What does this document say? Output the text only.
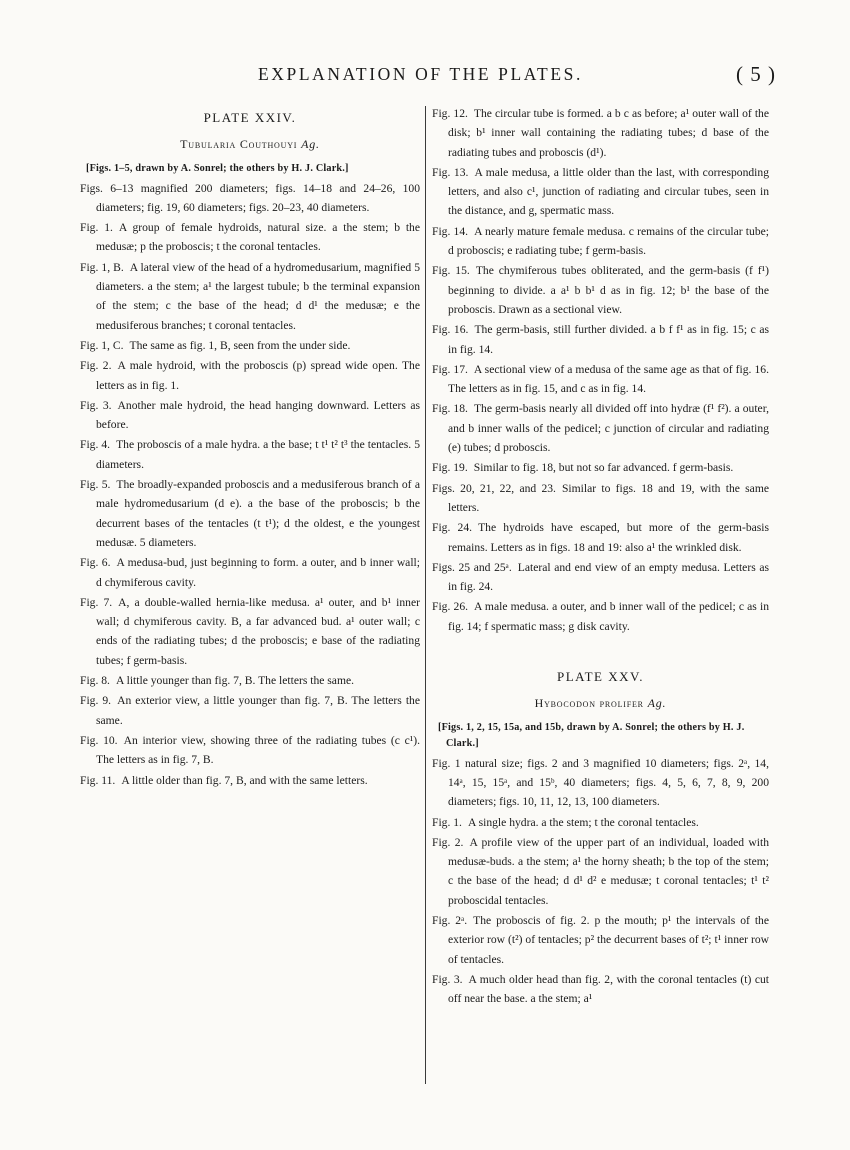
EXPLANATION OF THE PLATES.	( 5 )
PLATE XXIV.
Tubularia Couthouyi Ag.
[Figs. 1–5, drawn by A. Sonrel; the others by H. J. Clark.]
Figs. 6–13 magnified 200 diameters; figs. 14–18 and 24–26, 100 diameters; fig. 19, 60 diameters; figs. 20–23, 40 diameters.
Fig. 1. A group of female hydroids, natural size. a the stem; b the medusæ; p the proboscis; t the coronal tentacles.
Fig. 1, B. A lateral view of the head of a hydromedusarium, magnified 5 diameters. a the stem; a¹ the largest tubule; b the terminal expansion of the stem; c the base of the head; d d¹ the medusæ; e the medusiferous branches; t coronal tentacles.
Fig. 1, C. The same as fig. 1, B, seen from the under side.
Fig. 2. A male hydroid, with the proboscis (p) spread wide open. The letters as in fig. 1.
Fig. 3. Another male hydroid, the head hanging downward. Letters as before.
Fig. 4. The proboscis of a male hydra. a the base; t t¹ t² t³ the tentacles. 5 diameters.
Fig. 5. The broadly-expanded proboscis and a medusiferous branch of a male hydromedusarium (d e). a the base of the proboscis; b the decurrent bases of the tentacles (t t¹); d the oldest, e the youngest medusæ. 5 diameters.
Fig. 6. A medusa-bud, just beginning to form. a outer, and b inner wall; d chymiferous cavity.
Fig. 7. A, a double-walled hernia-like medusa. a¹ outer, and b¹ inner wall; d chymiferous cavity. B, a far advanced bud. a¹ outer wall; c ends of the radiating tubes; d the proboscis; e base of the radiating tubes; f germ-basis.
Fig. 8. A little younger than fig. 7, B. The letters the same.
Fig. 9. An exterior view, a little younger than fig. 7, B. The letters the same.
Fig. 10. An interior view, showing three of the radiating tubes (c c¹). The letters as in fig. 7, B.
Fig. 11. A little older than fig. 7, B, and with the same letters.
Fig. 12. The circular tube is formed. a b c as before; a¹ outer wall of the disk; b¹ inner wall containing the radiating tubes; d base of the radiating tubes and proboscis (d¹).
Fig. 13. A male medusa, a little older than the last, with corresponding letters, and also c¹, junction of radiating and circular tubes, seen in the distance, and g, spermatic mass.
Fig. 14. A nearly mature female medusa. c remains of the circular tube; d proboscis; e radiating tube; f germ-basis.
Fig. 15. The chymiferous tubes obliterated, and the germ-basis (f f¹) beginning to divide. a a¹ b b¹ d as in fig. 12; b¹ the base of the proboscis. Drawn as a sectional view.
Fig. 16. The germ-basis, still further divided. a b f f¹ as in fig. 15; c as in fig. 14.
Fig. 17. A sectional view of a medusa of the same age as that of fig. 16. The letters as in fig. 15, and c as in fig. 14.
Fig. 18. The germ-basis nearly all divided off into hydræ (f¹ f²). a outer, and b inner walls of the pedicel; c junction of circular and radiating (e) tubes; d proboscis.
Fig. 19. Similar to fig. 18, but not so far advanced. f germ-basis.
Figs. 20, 21, 22, and 23. Similar to figs. 18 and 19, with the same letters.
Fig. 24. The hydroids have escaped, but more of the germ-basis remains. Letters as in figs. 18 and 19: also a¹ the wrinkled disk.
Figs. 25 and 25ᵃ. Lateral and end view of an empty medusa. Letters as in fig. 24.
Fig. 26. A male medusa. a outer, and b inner wall of the pedicel; c as in fig. 14; f spermatic mass; g disk cavity.
PLATE XXV.
Hybocodon prolifer Ag.
[Figs. 1, 2, 15, 15a, and 15b, drawn by A. Sonrel; the others by H. J. Clark.]
Fig. 1 natural size; figs. 2 and 3 magnified 10 diameters; figs. 2ᵃ, 14, 14ᵃ, 15, 15ᵃ, and 15ᵇ, 40 diameters; figs. 4, 5, 6, 7, 8, 9, 200 diameters; figs. 10, 11, 12, 13, 100 diameters.
Fig. 1. A single hydra. a the stem; t the coronal tentacles.
Fig. 2. A profile view of the upper part of an individual, loaded with medusæ-buds. a the stem; a¹ the horny sheath; b the top of the stem; c the base of the head; d d¹ d² e medusæ; t coronal tentacles; t¹ t² proboscidal tentacles.
Fig. 2ᵃ. The proboscis of fig. 2. p the mouth; p¹ the intervals of the exterior row (t²) of tentacles; p² the decurrent bases of t²; t¹ inner row of tentacles.
Fig. 3. A much older head than fig. 2, with the coronal tentacles (t) cut off near the base. a the stem; a¹
